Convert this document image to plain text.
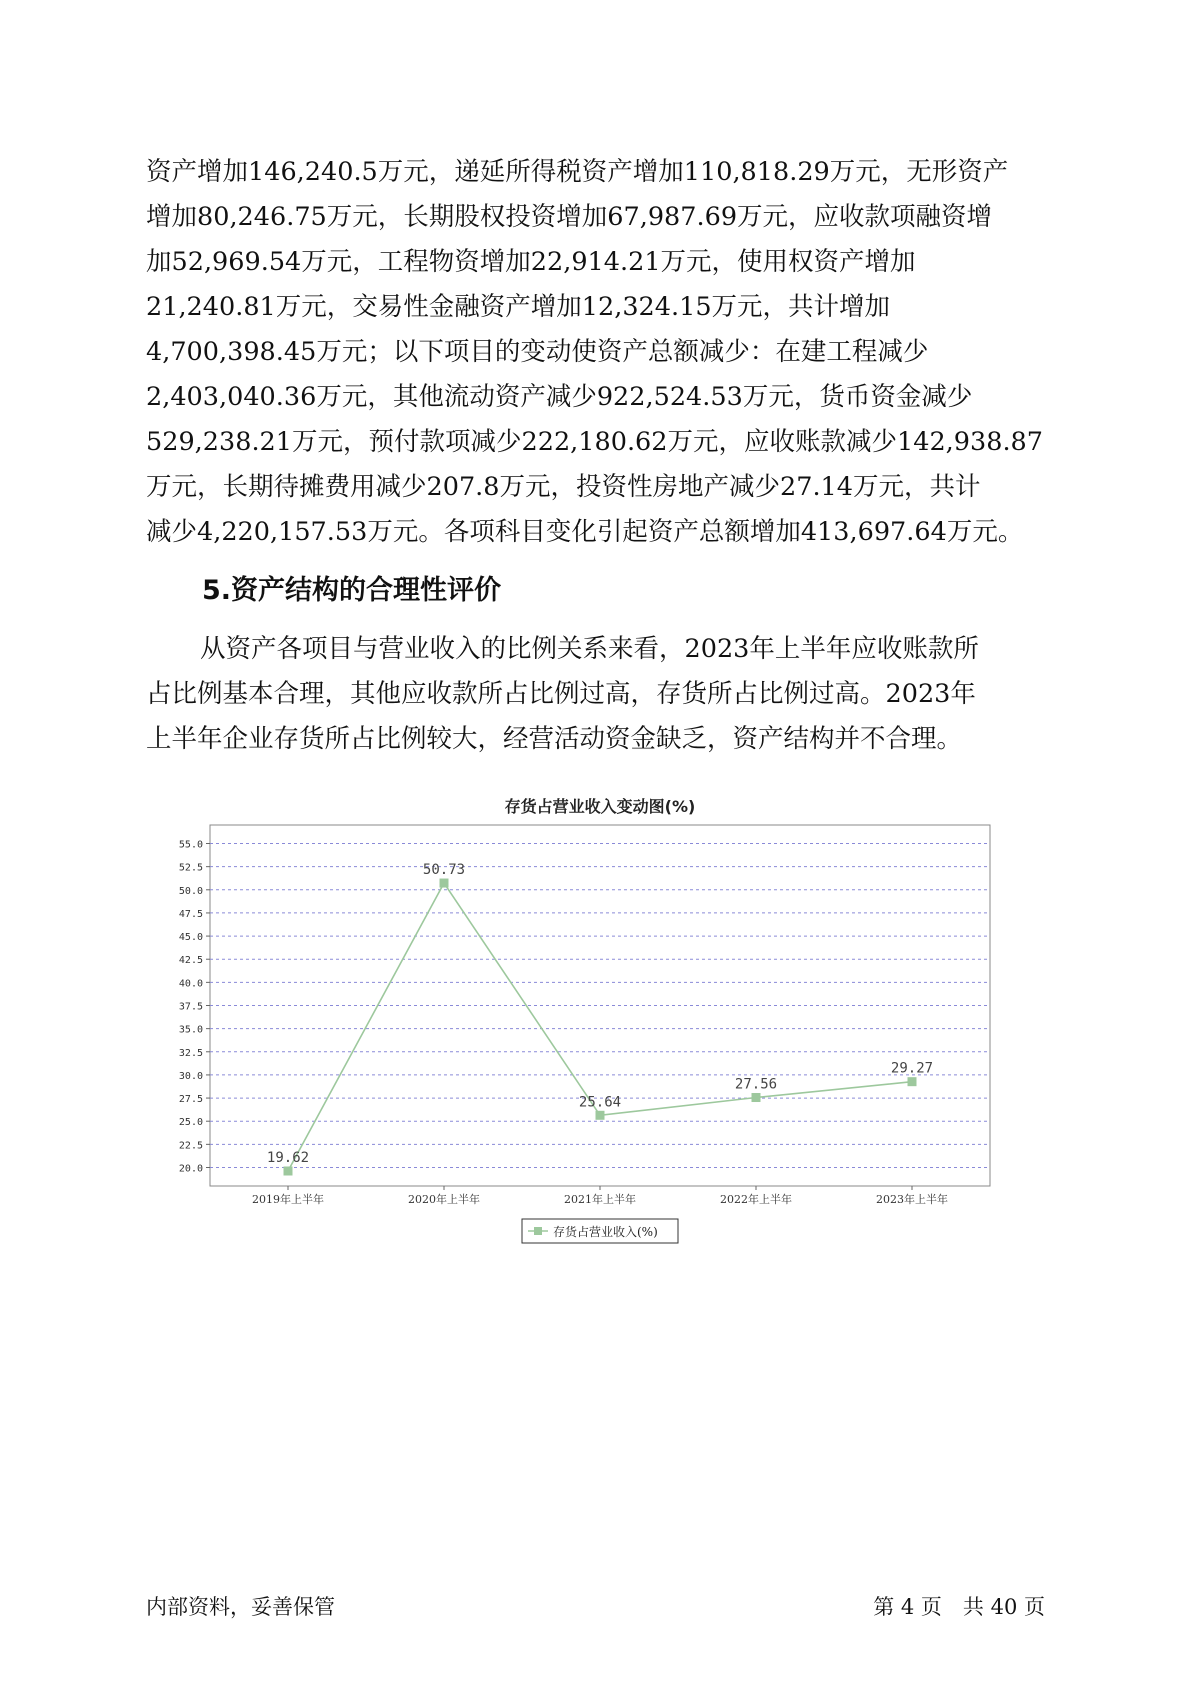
资产增加146,240.5万元，递延所得税资产增加110,818.29万元，无形资产
增加80,246.75万元，长期股权投资增加67,987.69万元，应收款项融资增
加52,969.54万元，工程物资增加22,914.21万元，使用权资产增加
21,240.81万元，交易性金融资产增加12,324.15万元，共计增加
4,700,398.45万元；以下项目的变动使资产总额减少：在建工程减少
2,403,040.36万元，其他流动资产减少922,524.53万元，货币资金减少
529,238.21万元，预付款项减少222,180.62万元，应收账款减少142,938.87
万元，长期待摊费用减少207.8万元，投资性房地产减少27.14万元，共计
减少4,220,157.53万元。各项科目变化引起资产总额增加413,697.64万元。
5.资产结构的合理性评价
从资产各项目与营业收入的比例关系来看，2023年上半年应收账款所
占比例基本合理，其他应收款所占比例过高，存货所占比例过高。2023年
上半年企业存货所占比例较大，经营活动资金缺乏，资产结构并不合理。
存货占营业收入变动图(%)
55.0
52.5
50.0
47.5
45.0
42.5
40.0
37.5
35.0
32.5
30.0
27.5
25.0
22.5
20.0
2019年上半年	2020年上半年	2021年上半年	2022年上半年	2023年上半年
19.62
50.73
25.64
27.56
29.27
存货占营业收入(%)
内部资料，妥善保管	第 4 页　共 40 页
